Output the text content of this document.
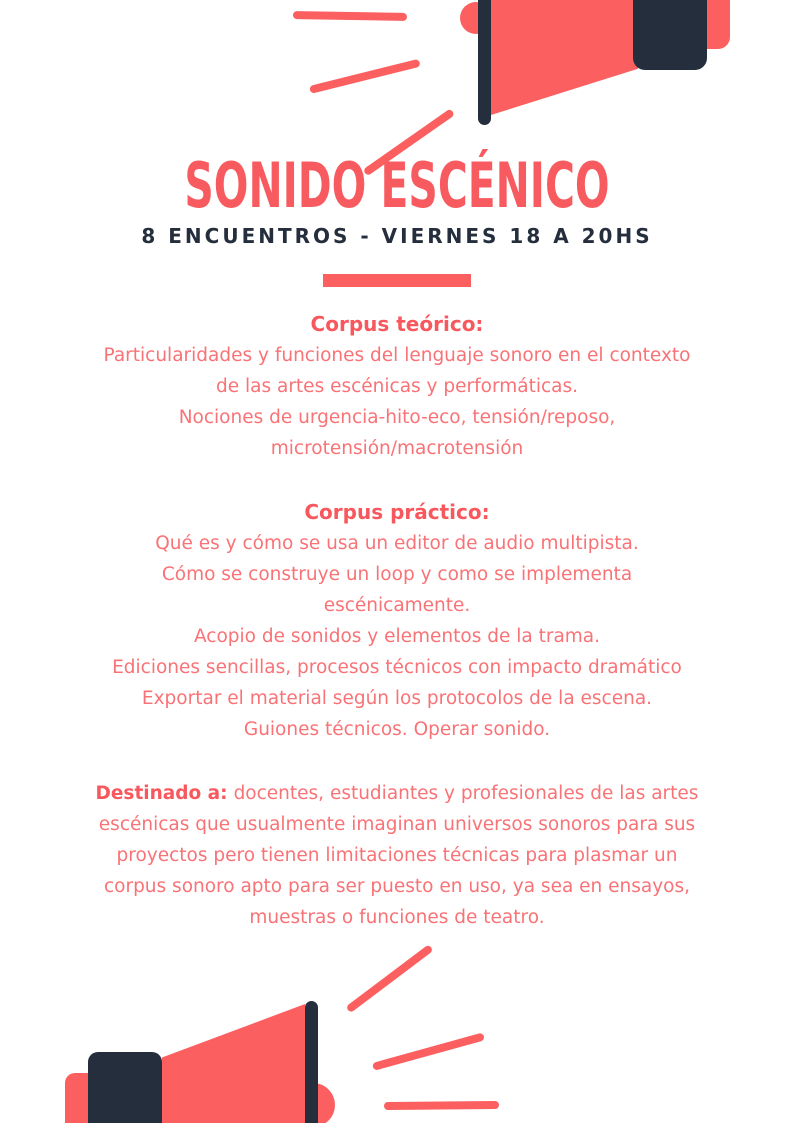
SONIDO ESCÉNICO
8 ENCUENTROS - VIERNES 18 A 20HS
Corpus teórico:
Particularidades y funciones del lenguaje sonoro en el contexto
de las artes escénicas y performáticas.
Nociones de urgencia-hito-eco, tensión/reposo,
microtensión/macrotensión
Corpus práctico:
Qué es y cómo se usa un editor de audio multipista.
Cómo se construye un loop y como se implementa
escénicamente.
Acopio de sonidos y elementos de la trama.
Ediciones sencillas, procesos técnicos con impacto dramático
Exportar el material según los protocolos de la escena.
Guiones técnicos. Operar sonido.
Destinado a: docentes, estudiantes y profesionales de las artes
escénicas que usualmente imaginan universos sonoros para sus
proyectos pero tienen limitaciones técnicas para plasmar un
corpus sonoro apto para ser puesto en uso, ya sea en ensayos,
muestras o funciones de teatro.
